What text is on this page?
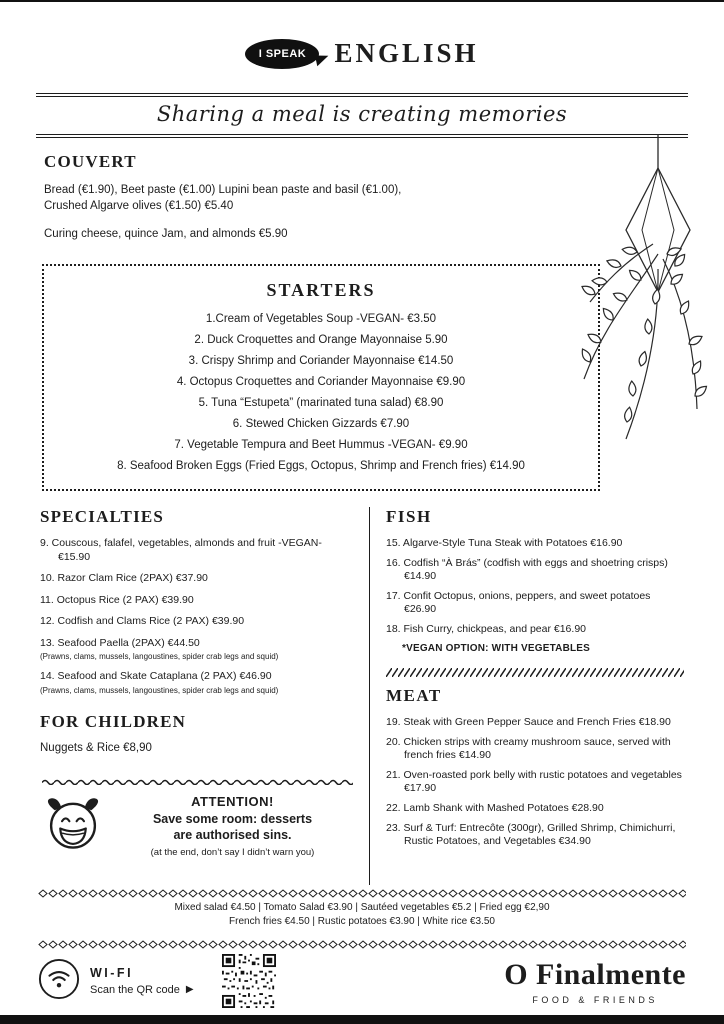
I SPEAK ENGLISH
Sharing a meal is creating memories
COUVERT

Bread (€1.90), Beet paste (€1.00) Lupini bean paste and basil (€1.00),

Crushed Algarve olives (€1.50) €5.40

Curing cheese, quince Jam, and almonds €5.90

STARTERS
1.Cream of Vegetables Soup -VEGAN- €3.50
2. Duck Croquettes and Orange Mayonnaise 5.90
3. Crispy Shrimp and Coriander Mayonnaise €14.50
4. Octopus Croquettes and Coriander Mayonnaise €9.90
5. Tuna “Estupeta” (marinated tuna salad) €8.90
6. Stewed Chicken Gizzards €7.90
7. Vegetable Tempura and Beet Hummus -VEGAN- €9.90
8. Seafood Broken Eggs (Fried Eggs, Octopus, Shrimp and French fries) €14.90
SPECIALTIES
9. Couscous, falafel, vegetables, almonds and fruit -VEGAN- €15.90
10. Razor Clam Rice (2PAX) €37.90
11. Octopus Rice (2 PAX) €39.90
12. Codfish and Clams Rice (2 PAX) €39.90
13. Seafood Paella (2PAX) €44.50
(Prawns, clams, mussels, langoustines, spider crab legs and squid)
14. Seafood and Skate Cataplana (2 PAX) €46.90
(Prawns, clams, mussels, langoustines, spider crab legs and squid)
FOR CHILDREN

Nuggets & Rice €8,90

ATTENTION!
Save some room: desserts
are authorised sins.
(at the end, don’t say I didn’t warn you)
FISH
15. Algarve-Style Tuna Steak with Potatoes €16.90
16. Codfish “À Brás” (codfish with eggs and shoetring crisps) €14.90
17. Confit Octopus, onions, peppers, and sweet potatoes €26.90
18. Fish Curry, chickpeas, and pear €16.90
*VEGAN OPTION: WITH VEGETABLES
MEAT
19. Steak with Green Pepper Sauce and French Fries €18.90
20. Chicken strips with creamy mushroom sauce, served with french fries €14.90
21. Oven-roasted pork belly with rustic potatoes and vegetables €17.90
22. Lamb Shank with Mashed Potatoes €28.90
23. Surf & Turf: Entrecôte (300gr), Grilled Shrimp, Chimichurri, Rustic Potatoes, and Vegetables €34.90

Mixed salad €4.50 | Tomato Salad €3.90 | Sautéed vegetables €5.2 | Fried egg €2,90

French fries €4.50 | Rustic potatoes €3.90 | White rice €3.50

WI-FI
Scan the QR code ▶	O Finalmente
FOOD & FRIENDS
